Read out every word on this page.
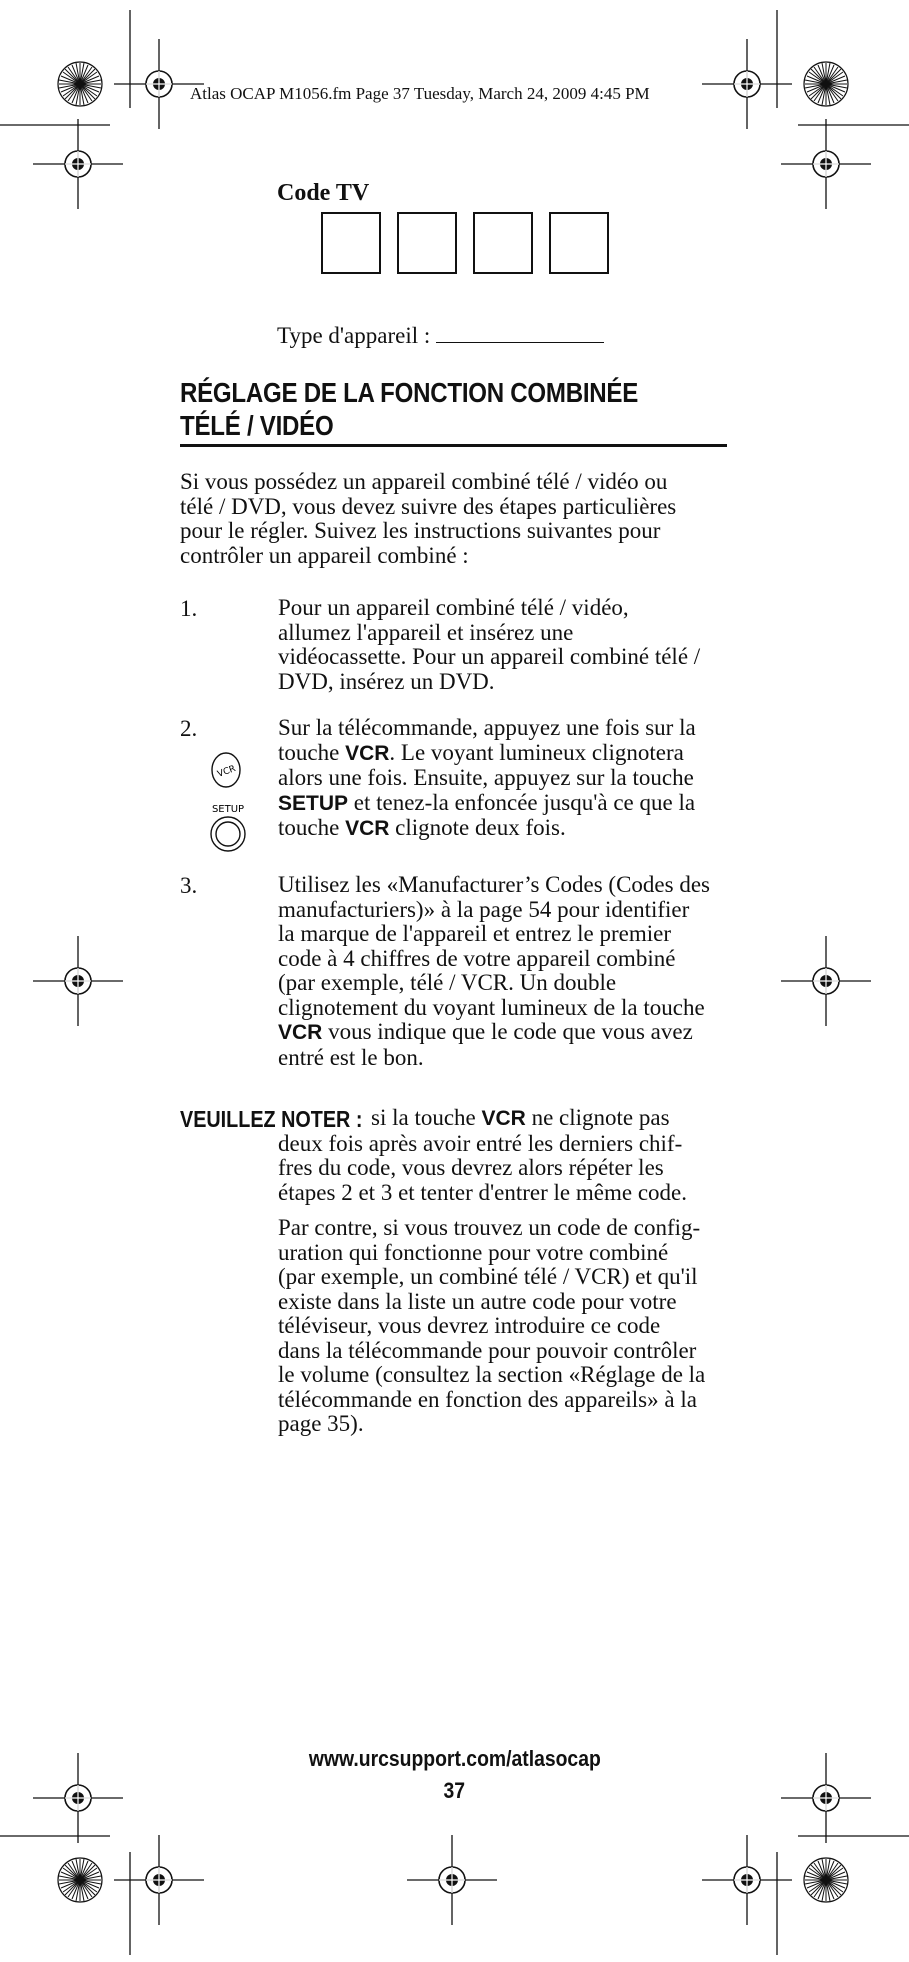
Atlas OCAP M1056.fm Page 37 Tuesday, March 24, 2009 4:45 PM
Code TV
Type d'appareil :
RÉGLAGE DE LA FONCTION COMBINÉE
TÉLÉ / VIDÉO
Si vous possédez un appareil combiné télé / vidéo ou
télé / DVD, vous devez suivre des étapes particulières
pour le régler. Suivez les instructions suivantes pour
contrôler un appareil combiné :
1.	Pour un appareil combiné télé / vidéo,
allumez l'appareil et insérez une
vidéocassette. Pour un appareil combiné télé /
DVD, insérez un DVD.
2.
VCR
SETUP
Sur la télécommande, appuyez une fois sur la
touche VCR. Le voyant lumineux clignotera
alors une fois. Ensuite, appuyez sur la touche
SETUP et tenez-la enfoncée jusqu'à ce que la
touche VCR clignote deux fois.
3.	Utilisez les «Manufacturer’s Codes (Codes des
manufacturiers)» à la page 54 pour identifier
la marque de l'appareil et entrez le premier
code à 4 chiffres de votre appareil combiné
(par exemple, télé / VCR. Un double
clignotement du voyant lumineux de la touche
VCR vous indique que le code que vous avez
entré est le bon.
VEUILLEZ NOTER : si la touche VCR ne clignote pas
deux fois après avoir entré les derniers chif-
fres du code, vous devrez alors répéter les
étapes 2 et 3 et tenter d'entrer le même code.
Par contre, si vous trouvez un code de config-
uration qui fonctionne pour votre combiné
(par exemple, un combiné télé / VCR) et qu'il
existe dans la liste un autre code pour votre
téléviseur, vous devrez introduire ce code
dans la télécommande pour pouvoir contrôler
le volume (consultez la section «Réglage de la
télécommande en fonction des appareils» à la
page 35).
www.urcsupport.com/atlasocap
37
